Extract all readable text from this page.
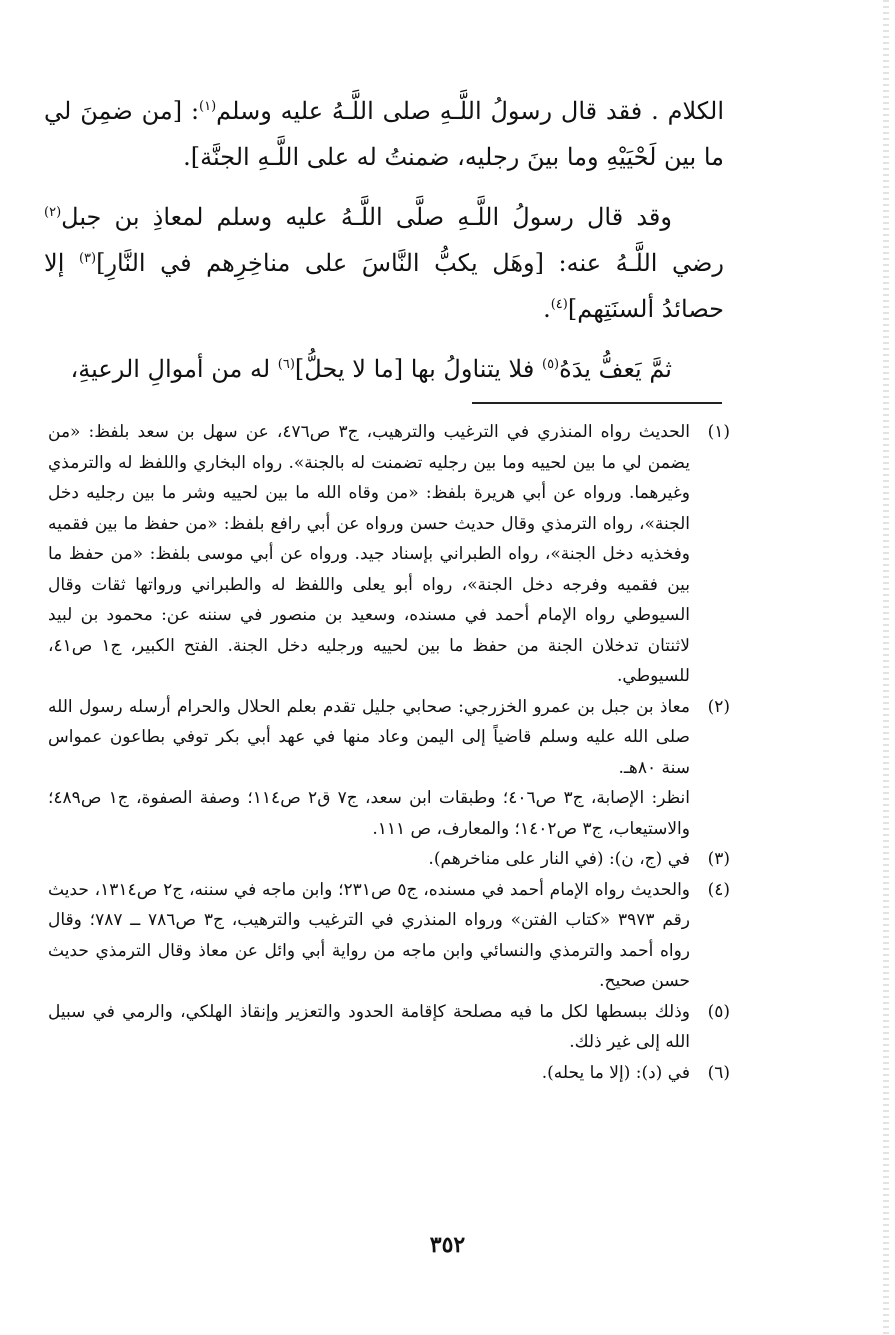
الكلام . فقد قال رسولُ اللَّـهِ صلى اللَّـهُ عليه وسلم$^{(١)}$: [من ضمِنَ لي ما بين لَحْيَيْهِ وما بينَ رجليه، ضمنتُ له على اللَّـهِ الجنَّة].

وقد قال رسولُ اللَّـهِ صلَّى اللَّـهُ عليه وسلم لمعاذِ بن جبل$^{(٢)}$ رضي اللَّـهُ عنه: [وهَل يكبُّ النَّاسَ على مناخِرِهم في النَّارِ]$^{(٣)}$ إلا حصائدُ ألسنَتِهم]$^{(٤)}$.

ثمَّ يَعفُّ يدَهُ$^{(٥)}$ فلا يتناولُ بها [ما لا يحلُّ]$^{(٦)}$ له من أموالِ الرعيةِ،

(١)

الحديث رواه المنذري في الترغيب والترهيب، ج٣ ص٤٧٦، عن سهل بن سعد بلفظ: «من يضمن لي ما بين لحييه وما بين رجليه تضمنت له بالجنة». رواه البخاري واللفظ له والترمذي وغيرهما. ورواه عن أبي هريرة بلفظ: «من وقاه الله ما بين لحييه وشر ما بين رجليه دخل الجنة»، رواه الترمذي وقال حديث حسن ورواه عن أبي رافع بلفظ: «من حفظ ما بين فقميه وفخذيه دخل الجنة»، رواه الطبراني بإسناد جيد. ورواه عن أبي موسى بلفظ: «من حفظ ما بين فقميه وفرجه دخل الجنة»، رواه أبو يعلى واللفظ له والطبراني ورواتها ثقات وقال السيوطي رواه الإمام أحمد في مسنده، وسعيد بن منصور في سننه عن: محمود بن لبيد لاثنتان تدخلان الجنة من حفظ ما بين لحييه ورجليه دخل الجنة. الفتح الكبير، ج١ ص٤١، للسيوطي.

(٢)

معاذ بن جبل بن عمرو الخزرجي: صحابي جليل تقدم بعلم الحلال والحرام أرسله رسول الله صلى الله عليه وسلم قاضياً إلى اليمن وعاد منها في عهد أبي بكر توفي بطاعون عمواس سنة ٨٠هـ.

انظر: الإصابة، ج٣ ص٤٠٦؛ وطبقات ابن سعد، ج٧ ق٢ ص١١٤؛ وصفة الصفوة، ج١ ص٤٨٩؛ والاستيعاب، ج٣ ص١٤٠٢؛ والمعارف، ص ١١١.

(٣)

في (ج، ن): (في النار على مناخرهم).

(٤)

والحديث رواه الإمام أحمد في مسنده، ج٥ ص٢٣١؛ وابن ماجه في سننه، ج٢ ص١٣١٤، حديث رقم ٣٩٧٣ «كتاب الفتن» ورواه المنذري في الترغيب والترهيب، ج٣ ص٧٨٦ ــ ٧٨٧؛ وقال رواه أحمد والترمذي والنسائي وابن ماجه من رواية أبي وائل عن معاذ وقال الترمذي حديث حسن صحيح.

(٥)

وذلك ببسطها لكل ما فيه مصلحة كإقامة الحدود والتعزير وإنقاذ الهلكي، والرمي في سبيل الله إلى غير ذلك.

(٦)

في (د): (إلا ما يحله).

٣٥٢
